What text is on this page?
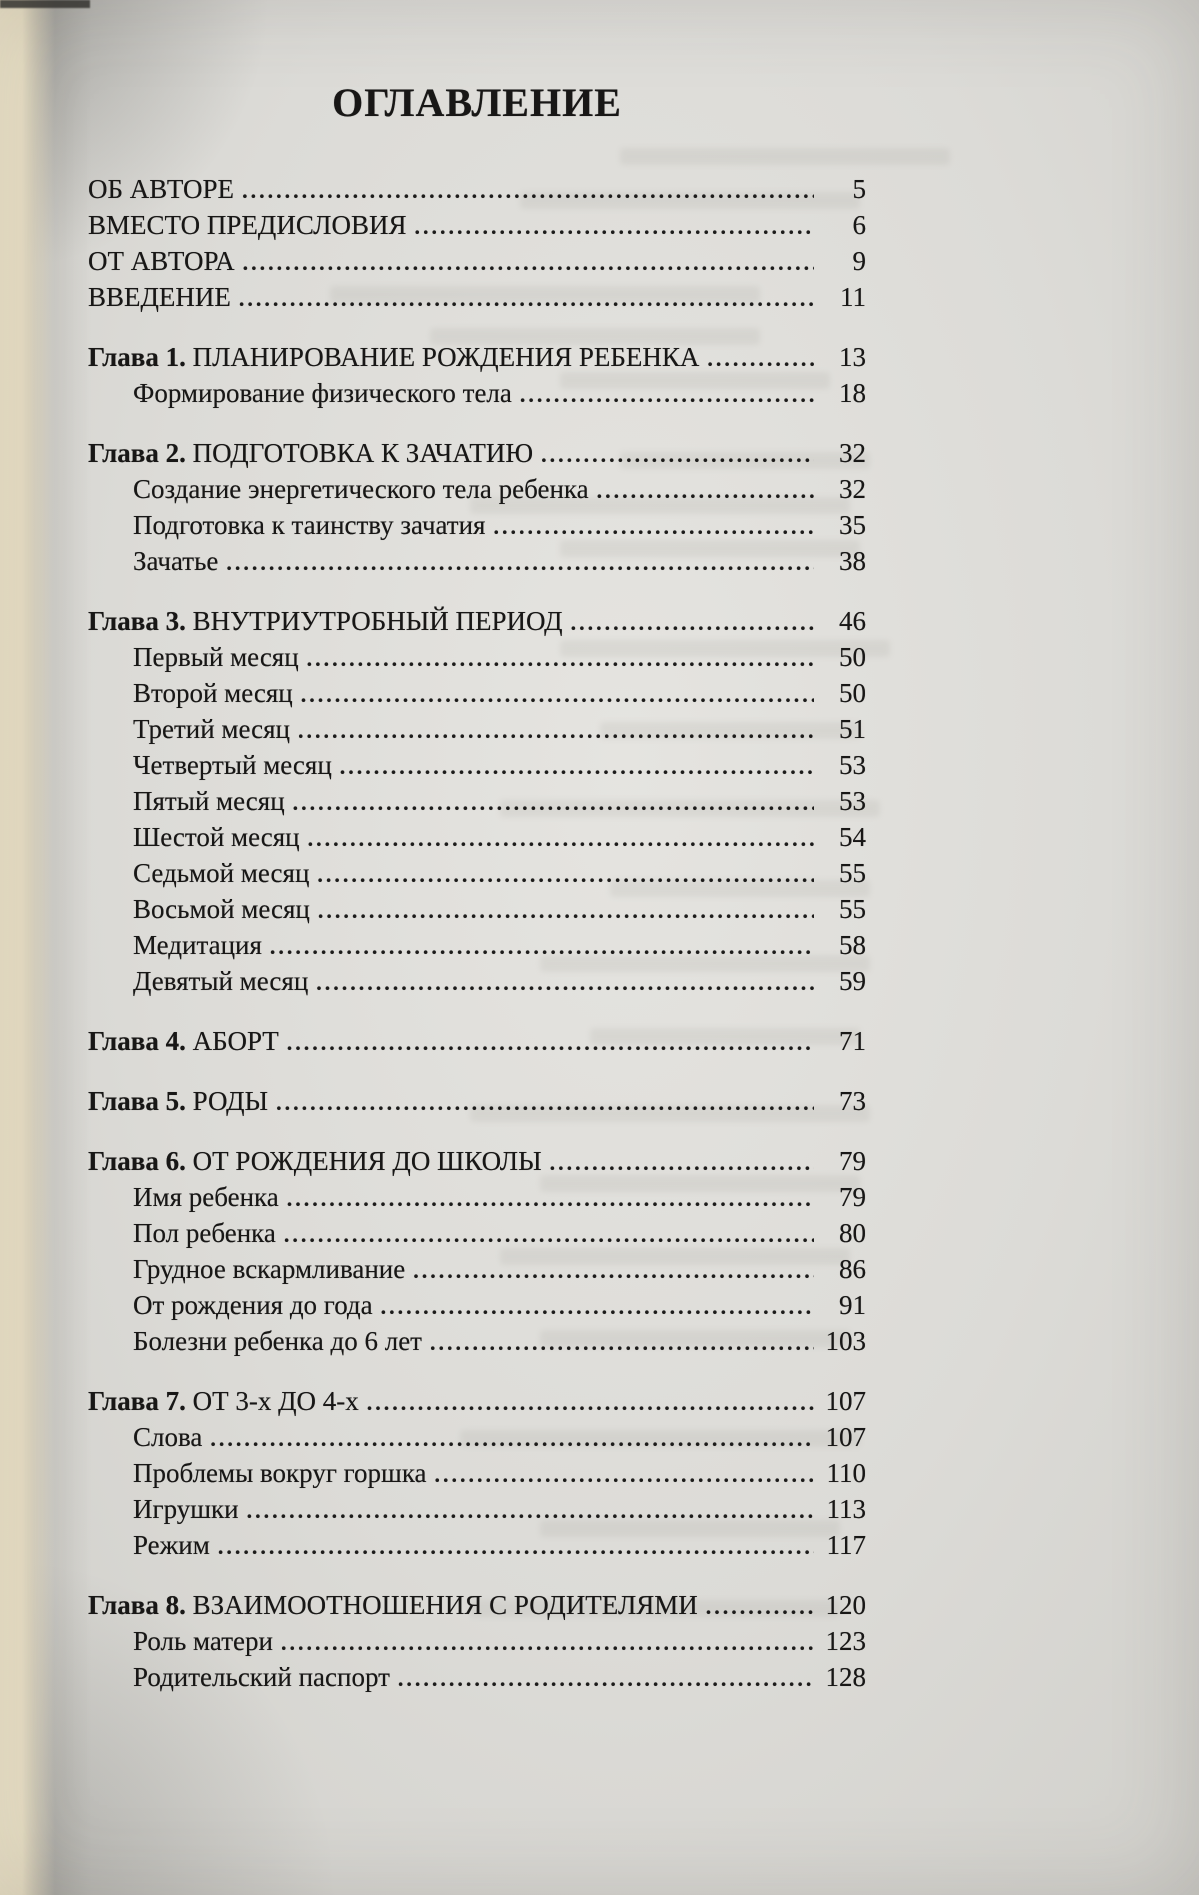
ОГЛАВЛЕНИЕ
ОБ АВТОРЕ .....	5
ВМЕСТО ПРЕДИСЛОВИЯ .....	6
ОТ АВТОРА .....	9
ВВЕДЕНИЕ .....	11
Глава 1. ПЛАНИРОВАНИЕ РОЖДЕНИЯ РЕБЕНКА .....	13
Формирование физического тела .....	18
Глава 2. ПОДГОТОВКА К ЗАЧАТИЮ .....	32
Создание энергетического тела ребенка .....	32
Подготовка к таинству зачатия .....	35
Зачатье .....	38
Глава 3. ВНУТРИУТРОБНЫЙ ПЕРИОД .....	46
Первый месяц .....	50
Второй месяц .....	50
Третий месяц .....	51
Четвертый месяц .....	53
Пятый месяц .....	53
Шестой месяц .....	54
Седьмой месяц .....	55
Восьмой месяц .....	55
Медитация .....	58
Девятый месяц .....	59
Глава 4. АБОРТ .....	71
Глава 5. РОДЫ .....	73
Глава 6. ОТ РОЖДЕНИЯ ДО ШКОЛЫ .....	79
Имя ребенка .....	79
Пол ребенка .....	80
Грудное вскармливание .....	86
От рождения до года .....	91
Болезни ребенка до 6 лет .....	103
Глава 7. ОТ 3-х ДО 4-х .....	107
Слова .....	107
Проблемы вокруг горшка .....	110
Игрушки .....	113
Режим .....	117
Глава 8. ВЗАИМООТНОШЕНИЯ С РОДИТЕЛЯМИ .....	120
Роль матери .....	123
Родительский паспорт .....	128
